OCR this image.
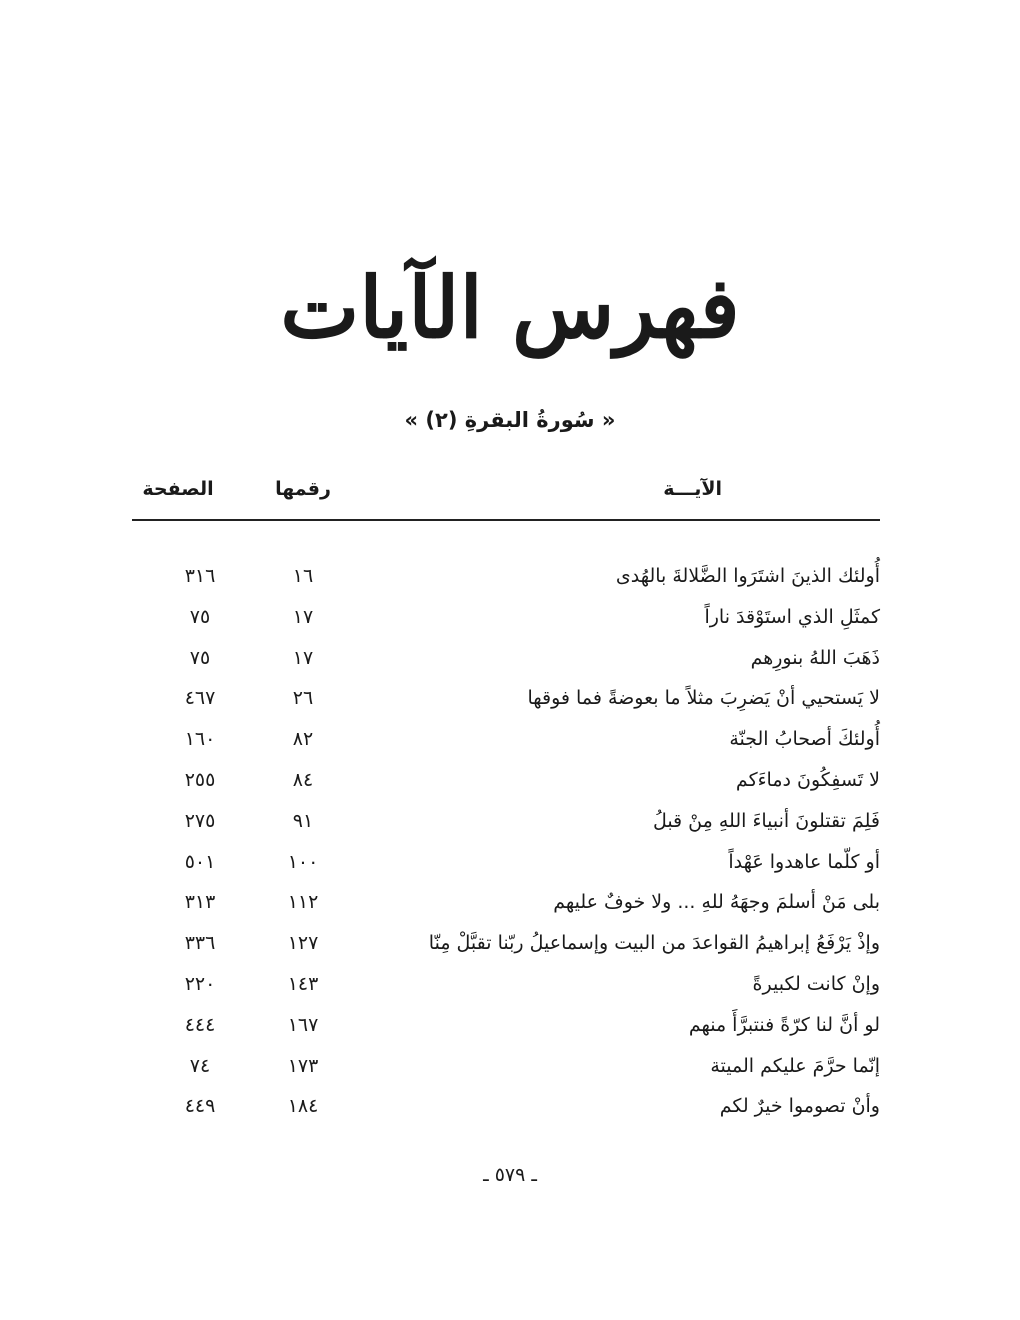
فهرس الآيات
« سُورةُ البقرةِ (٢) »
الآيـــة
رقمها
الصفحة
أُولئك الذينَ اشتَرَوا الضَّلالةَ بالهُدى
١٦
٣١٦
كمثَلِ الذي استَوْقدَ ناراً
١٧
٧٥
ذَهَبَ اللهُ بنورِهم
١٧
٧٥
لا يَستحيي أنْ يَضرِبَ مثلاً ما بعوضةً فما فوقها
٢٦
٤٦٧
أُولئكَ أصحابُ الجنّة
٨٢
١٦٠
لا تَسفِكُونَ دماءَكم
٨٤
٢٥٥
فَلِمَ تقتلونَ أنبياءَ اللهِ مِنْ قبلُ
٩١
٢٧٥
أو كلّما عاهدوا عَهْداً
١٠٠
٥٠١
بلى مَنْ أسلمَ وجهَهُ للهِ ... ولا خوفٌ عليهم
١١٢
٣١٣
وإذْ يَرْفَعُ إبراهيمُ القواعدَ من البيت وإسماعيلُ ربّنا تقبَّلْ مِنّا
١٢٧
٣٣٦
وإنْ كانت لكبيرةً
١٤٣
٢٢٠
لو أنَّ لنا كرّةً فنتبرَّأَ منهم
١٦٧
٤٤٤
إنّما حرَّمَ عليكم الميتة
١٧٣
٧٤
وأنْ تصوموا خيرٌ لكم
١٨٤
٤٤٩
ـ ٥٧٩ ـ
